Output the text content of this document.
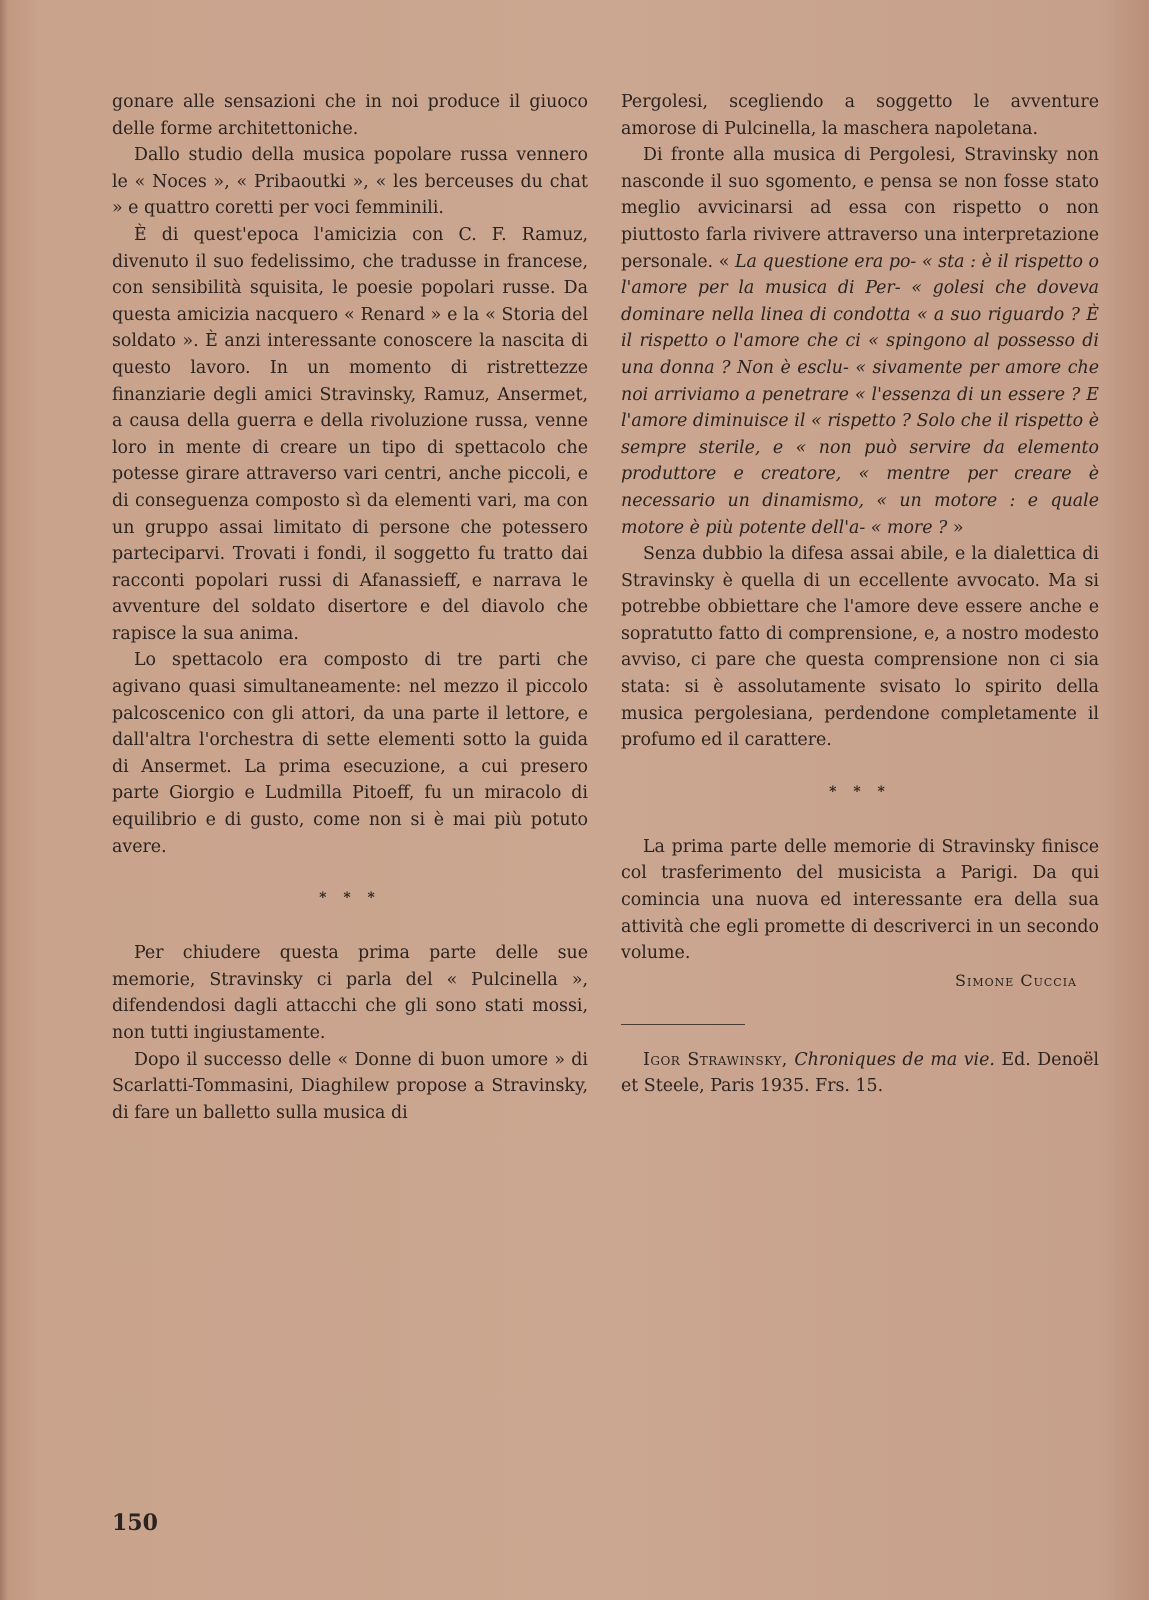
gonare alle sensazioni che in noi produce il giuoco delle forme architettoniche.

Dallo studio della musica popolare russa vennero le « Noces », « Pribaoutki », « les berceuses du chat » e quattro coretti per voci femminili.

È di quest'epoca l'amicizia con C. F. Ramuz, divenuto il suo fedelissimo, che tradusse in francese, con sensibilità squisita, le poesie popolari russe. Da questa amicizia nacquero « Renard » e la « Storia del soldato ». È anzi interessante conoscere la nascita di questo lavoro. In un momento di ristrettezze finanziarie degli amici Stravinsky, Ramuz, Ansermet, a causa della guerra e della rivoluzione russa, venne loro in mente di creare un tipo di spettacolo che potesse girare attraverso vari centri, anche piccoli, e di conseguenza composto sì da elementi vari, ma con un gruppo assai limitato di persone che potessero parteciparvi. Trovati i fondi, il soggetto fu tratto dai racconti popolari russi di Afanassieff, e narrava le avventure del soldato disertore e del diavolo che rapisce la sua anima.

Lo spettacolo era composto di tre parti che agivano quasi simultaneamente: nel mezzo il piccolo palcoscenico con gli attori, da una parte il lettore, e dall'altra l'orchestra di sette elementi sotto la guida di Ansermet. La prima esecuzione, a cui presero parte Giorgio e Ludmilla Pitoeff, fu un miracolo di equilibrio e di gusto, come non si è mai più potuto avere.

* * *

Per chiudere questa prima parte delle sue memorie, Stravinsky ci parla del « Pulcinella », difendendosi dagli attacchi che gli sono stati mossi, non tutti ingiustamente.

Dopo il successo delle « Donne di buon umore » di Scarlatti-Tommasini, Diaghilew propose a Stravinsky, di fare un balletto sulla musica di

Pergolesi, scegliendo a soggetto le avventure amorose di Pulcinella, la maschera napoletana.

Di fronte alla musica di Pergolesi, Stravinsky non nasconde il suo sgomento, e pensa se non fosse stato meglio avvicinarsi ad essa con rispetto o non piuttosto farla rivivere attraverso una interpretazione personale. « La questione era po- « sta : è il rispetto o l'amore per la musica di Per- « golesi che doveva dominare nella linea di condotta « a suo riguardo ? È il rispetto o l'amore che ci « spingono al possesso di una donna ? Non è esclu- « sivamente per amore che noi arriviamo a penetrare « l'essenza di un essere ? E l'amore diminuisce il « rispetto ? Solo che il rispetto è sempre sterile, e « non può servire da elemento produttore e creatore, « mentre per creare è necessario un dinamismo, « un motore : e quale motore è più potente dell'a- « more ? »

Senza dubbio la difesa assai abile, e la dialettica di Stravinsky è quella di un eccellente avvocato. Ma si potrebbe obbiettare che l'amore deve essere anche e sopratutto fatto di comprensione, e, a nostro modesto avviso, ci pare che questa comprensione non ci sia stata: si è assolutamente svisato lo spirito della musica pergolesiana, perdendone completamente il profumo ed il carattere.

* * *

La prima parte delle memorie di Stravinsky finisce col trasferimento del musicista a Parigi. Da qui comincia una nuova ed interessante era della sua attività che egli promette di descriverci in un secondo volume.

Simone Cuccia
Igor Strawinsky, Chroniques de ma vie. Ed. Denoël et Steele, Paris 1935. Frs. 15.
150
